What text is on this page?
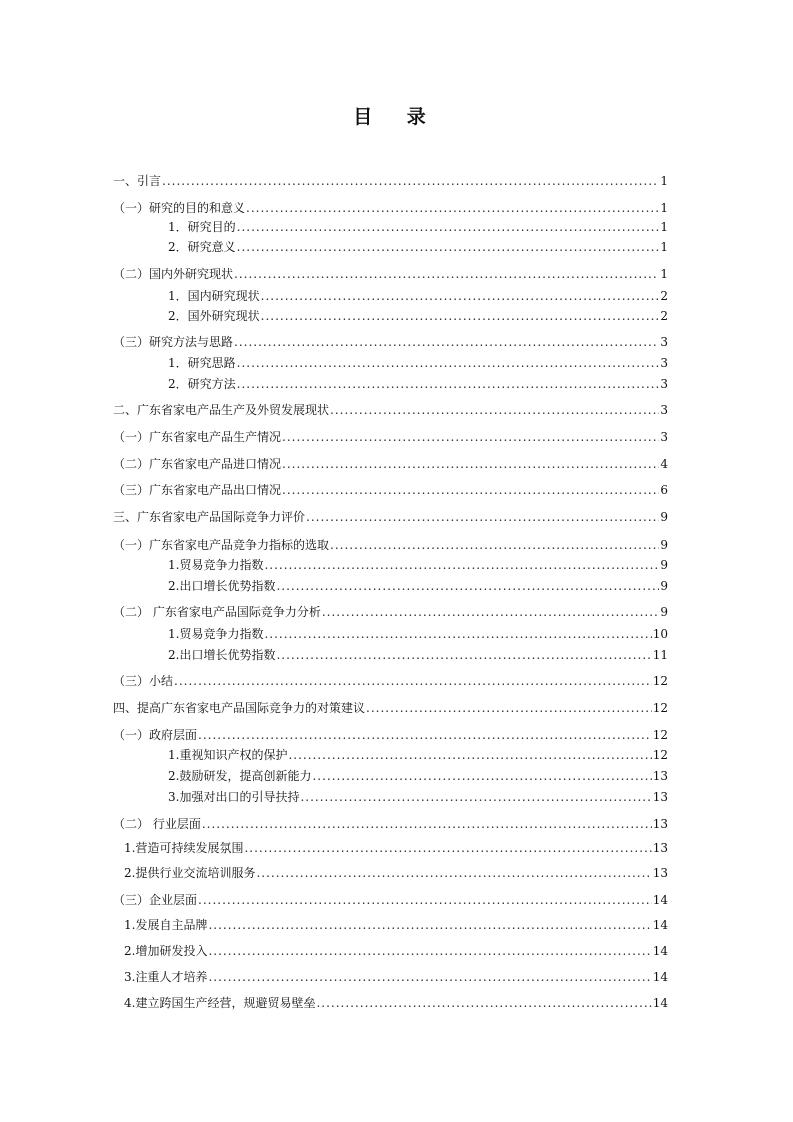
目 录
一、引言 .....	1
（一）研究的目的和意义 .....	1
1．研究目的 .....	1
2．研究意义 .....	1
（二）国内外研究现状 .....	1
1．国内研究现状 .....	2
2．国外研究现状 .....	2
（三）研究方法与思路 .....	3
1．研究思路 .....	3
2．研究方法 .....	3
二、广东省家电产品生产及外贸发展现状 .....	3
（一）广东省家电产品生产情况 .....	3
（二）广东省家电产品进口情况 .....	4
（三）广东省家电产品出口情况 .....	6
三、广东省家电产品国际竞争力评价 .....	9
（一）广东省家电产品竞争力指标的选取 .....	9
1.贸易竞争力指数 .....	9
2.出口增长优势指数 .....	9
（二） 广东省家电产品国际竞争力分析 .....	9
1.贸易竞争力指数 .....	10
2.出口增长优势指数 .....	11
（三）小结 .....	12
四、提高广东省家电产品国际竞争力的对策建议 .....	12
（一）政府层面 .....	12
1.重视知识产权的保护 .....	12
2.鼓励研发，提高创新能力 .....	13
3.加强对出口的引导扶持 .....	13
（二） 行业层面 .....	13
1.营造可持续发展氛围 .....	13
2.提供行业交流培训服务 .....	13
（三）企业层面 .....	14
1.发展自主品牌 .....	14
2.增加研发投入 .....	14
3.注重人才培养 .....	14
4.建立跨国生产经营，规避贸易壁垒 .....	14
